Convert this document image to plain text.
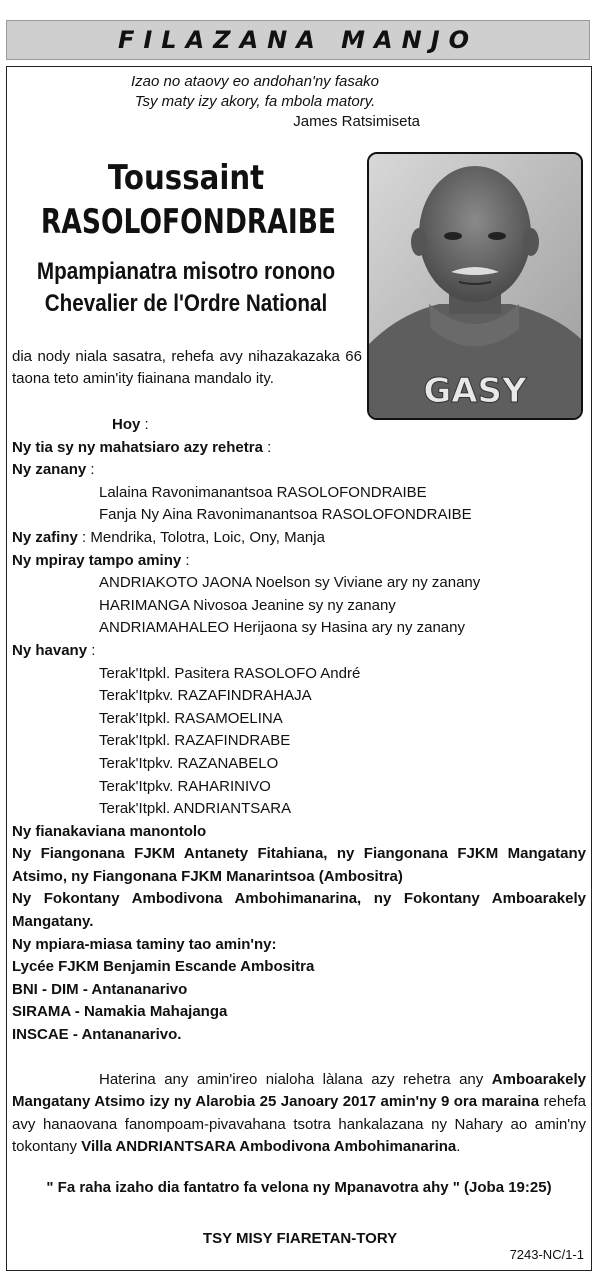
FILAZANA MANJO
Izao no ataovy eo andohan'ny fasako
Tsy maty izy akory, fa mbola matory.
James Ratsimiseta
Toussaint
RASOLOFONDRAIBE
Mpampianatra misotro ronono
Chevalier de l'Ordre National
GASY
dia nody niala sasatra, rehefa avy nihazakazaka 66 taona teto amin'ity fiainana mandalo ity.
Hoy :
Ny tia sy ny mahatsiaro azy rehetra :
Ny zanany :
Lalaina Ravonimanantsoa RASOLOFONDRAIBE
Fanja Ny Aina Ravonimanantsoa RASOLOFONDRAIBE
Ny zafiny : Mendrika, Tolotra, Loic, Ony, Manja
Ny mpiray tampo aminy :
ANDRIAKOTO JAONA Noelson sy Viviane ary ny zanany
HARIMANGA Nivosoa Jeanine sy ny zanany
ANDRIAMAHALEO Herijaona sy Hasina ary ny zanany
Ny havany :
Terak'Itpkl. Pasitera RASOLOFO André
Terak'Itpkv. RAZAFINDRAHAJA
Terak'Itpkl. RASAMOELINA
Terak'Itpkl. RAZAFINDRABE
Terak'Itpkv. RAZANABELO
Terak'Itpkv. RAHARINIVO
Terak'Itpkl. ANDRIANTSARA
Ny fianakaviana manontolo
Ny Fiangonana FJKM Antanety Fitahiana, ny Fiangonana FJKM Mangatany Atsimo, ny Fiangonana FJKM Manarintsoa (Ambositra)
Ny Fokontany Ambodivona Ambohimanarina, ny Fokontany Amboarakely Mangatany.
Ny mpiara-miasa taminy tao amin'ny:
Lycée FJKM Benjamin Escande Ambositra
BNI - DIM - Antananarivo
SIRAMA - Namakia Mahajanga
INSCAE - Antananarivo.
Haterina any amin'ireo nialoha làlana azy rehetra any Amboarakely Mangatany Atsimo izy ny Alarobia 25 Janoary 2017 amin'ny 9 ora maraina rehefa avy hanaovana fanompoam-pivavahana tsotra hankalazana ny Nahary ao amin'ny tokontany Villa ANDRIANTSARA Ambodivona Ambohimanarina.
" Fa raha izaho dia fantatro fa velona ny Mpanavotra ahy " (Joba 19:25)
TSY MISY FIARETAN-TORY
7243-NC/1-1
